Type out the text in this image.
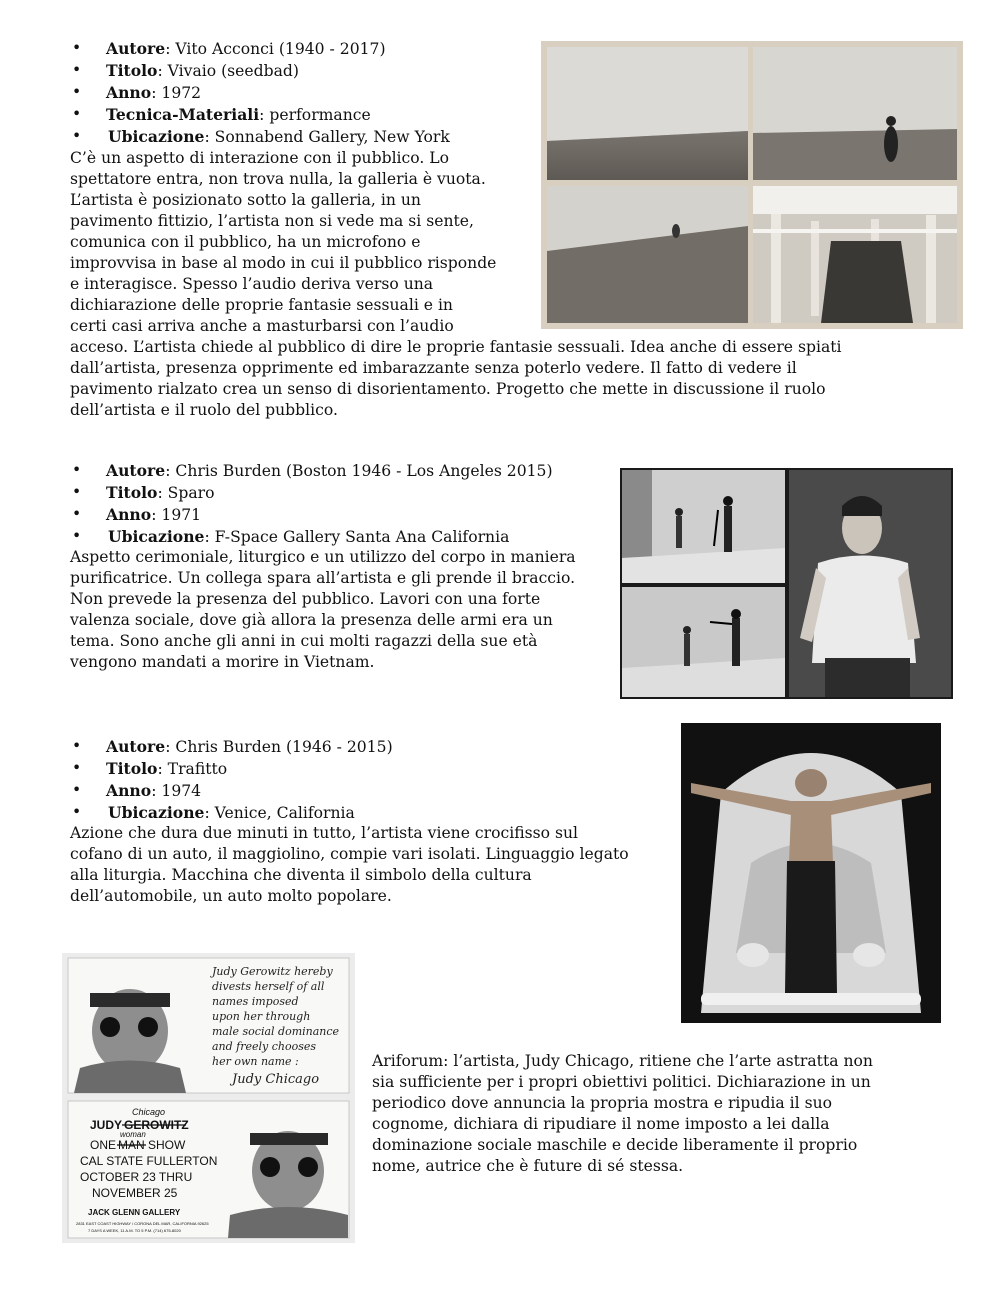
• Autore: Vito Acconci (1940 - 2017)
• Titolo: Vivaio (seedbad)
• Anno: 1972
• Tecnica-Materiali: performance
• Ubicazione: Sonnabend Gallery, New York
C’è un aspetto di interazione con il pubblico. Lo
spettatore entra, non trova nulla, la galleria è vuota.
L’artista è posizionato sotto la galleria, in un
pavimento fittizio, l’artista non si vede ma si sente,
comunica con il pubblico, ha un microfono e
improvvisa in base al modo in cui il pubblico risponde
e interagisce. Spesso l’audio deriva verso una
dichiarazione delle proprie fantasie sessuali e in
certi casi arriva anche a masturbarsi con l’audio
acceso. L’artista chiede al pubblico di dire le proprie fantasie sessuali. Idea anche di essere spiati
dall’artista, presenza opprimente ed imbarazzante senza poterlo vedere. Il fatto di vedere il
pavimento rialzato crea un senso di disorientamento. Progetto che mette in discussione il ruolo
dell’artista e il ruolo del pubblico.
• Autore: Chris Burden (Boston 1946 - Los Angeles 2015)
• Titolo: Sparo
• Anno: 1971
• Ubicazione: F-Space Gallery Santa Ana California
Aspetto cerimoniale, liturgico e un utilizzo del corpo in maniera
purificatrice. Un collega spara all’artista e gli prende il braccio.
Non prevede la presenza del pubblico. Lavori con una forte
valenza sociale, dove già allora la presenza delle armi era un
tema. Sono anche gli anni in cui molti ragazzi della sue età
vengono mandati a morire in Vietnam.
• Autore: Chris Burden (1946 - 2015)
• Titolo: Trafitto
• Anno: 1974
• Ubicazione: Venice, California
Azione che dura due minuti in tutto, l’artista viene crocifisso sul
cofano di un auto, il maggiolino, compie vari isolati. Linguaggio legato
alla liturgia. Macchina che diventa il simbolo della cultura
dell’automobile, un auto molto popolare.
Judy Gerowitz hereby
divests herself of all
names imposed
upon her through
male social dominance
and freely chooses
her own name :
Judy Chicago
JUDY GEROWITZ
Chicago
ONE MAN
woman
SHOW
CAL STATE FULLERTON
OCTOBER 23 THRU
NOVEMBER 25
JACK GLENN GALLERY
2831 EAST COAST HIGHWAY / CORONA DEL MAR, CALIFORNIA 92625
7 DAYS A WEEK, 11 A.M. TO 5 P.M. (714) 675-8020
Ariforum: l’artista, Judy Chicago, ritiene che l’arte astratta non
sia sufficiente per i propri obiettivi politici. Dichiarazione in un
periodico dove annuncia la propria mostra e ripudia il suo
cognome, dichiara di ripudiare il nome imposto a lei dalla
dominazione sociale maschile e decide liberamente il proprio
nome, autrice che è future di sé stessa.
